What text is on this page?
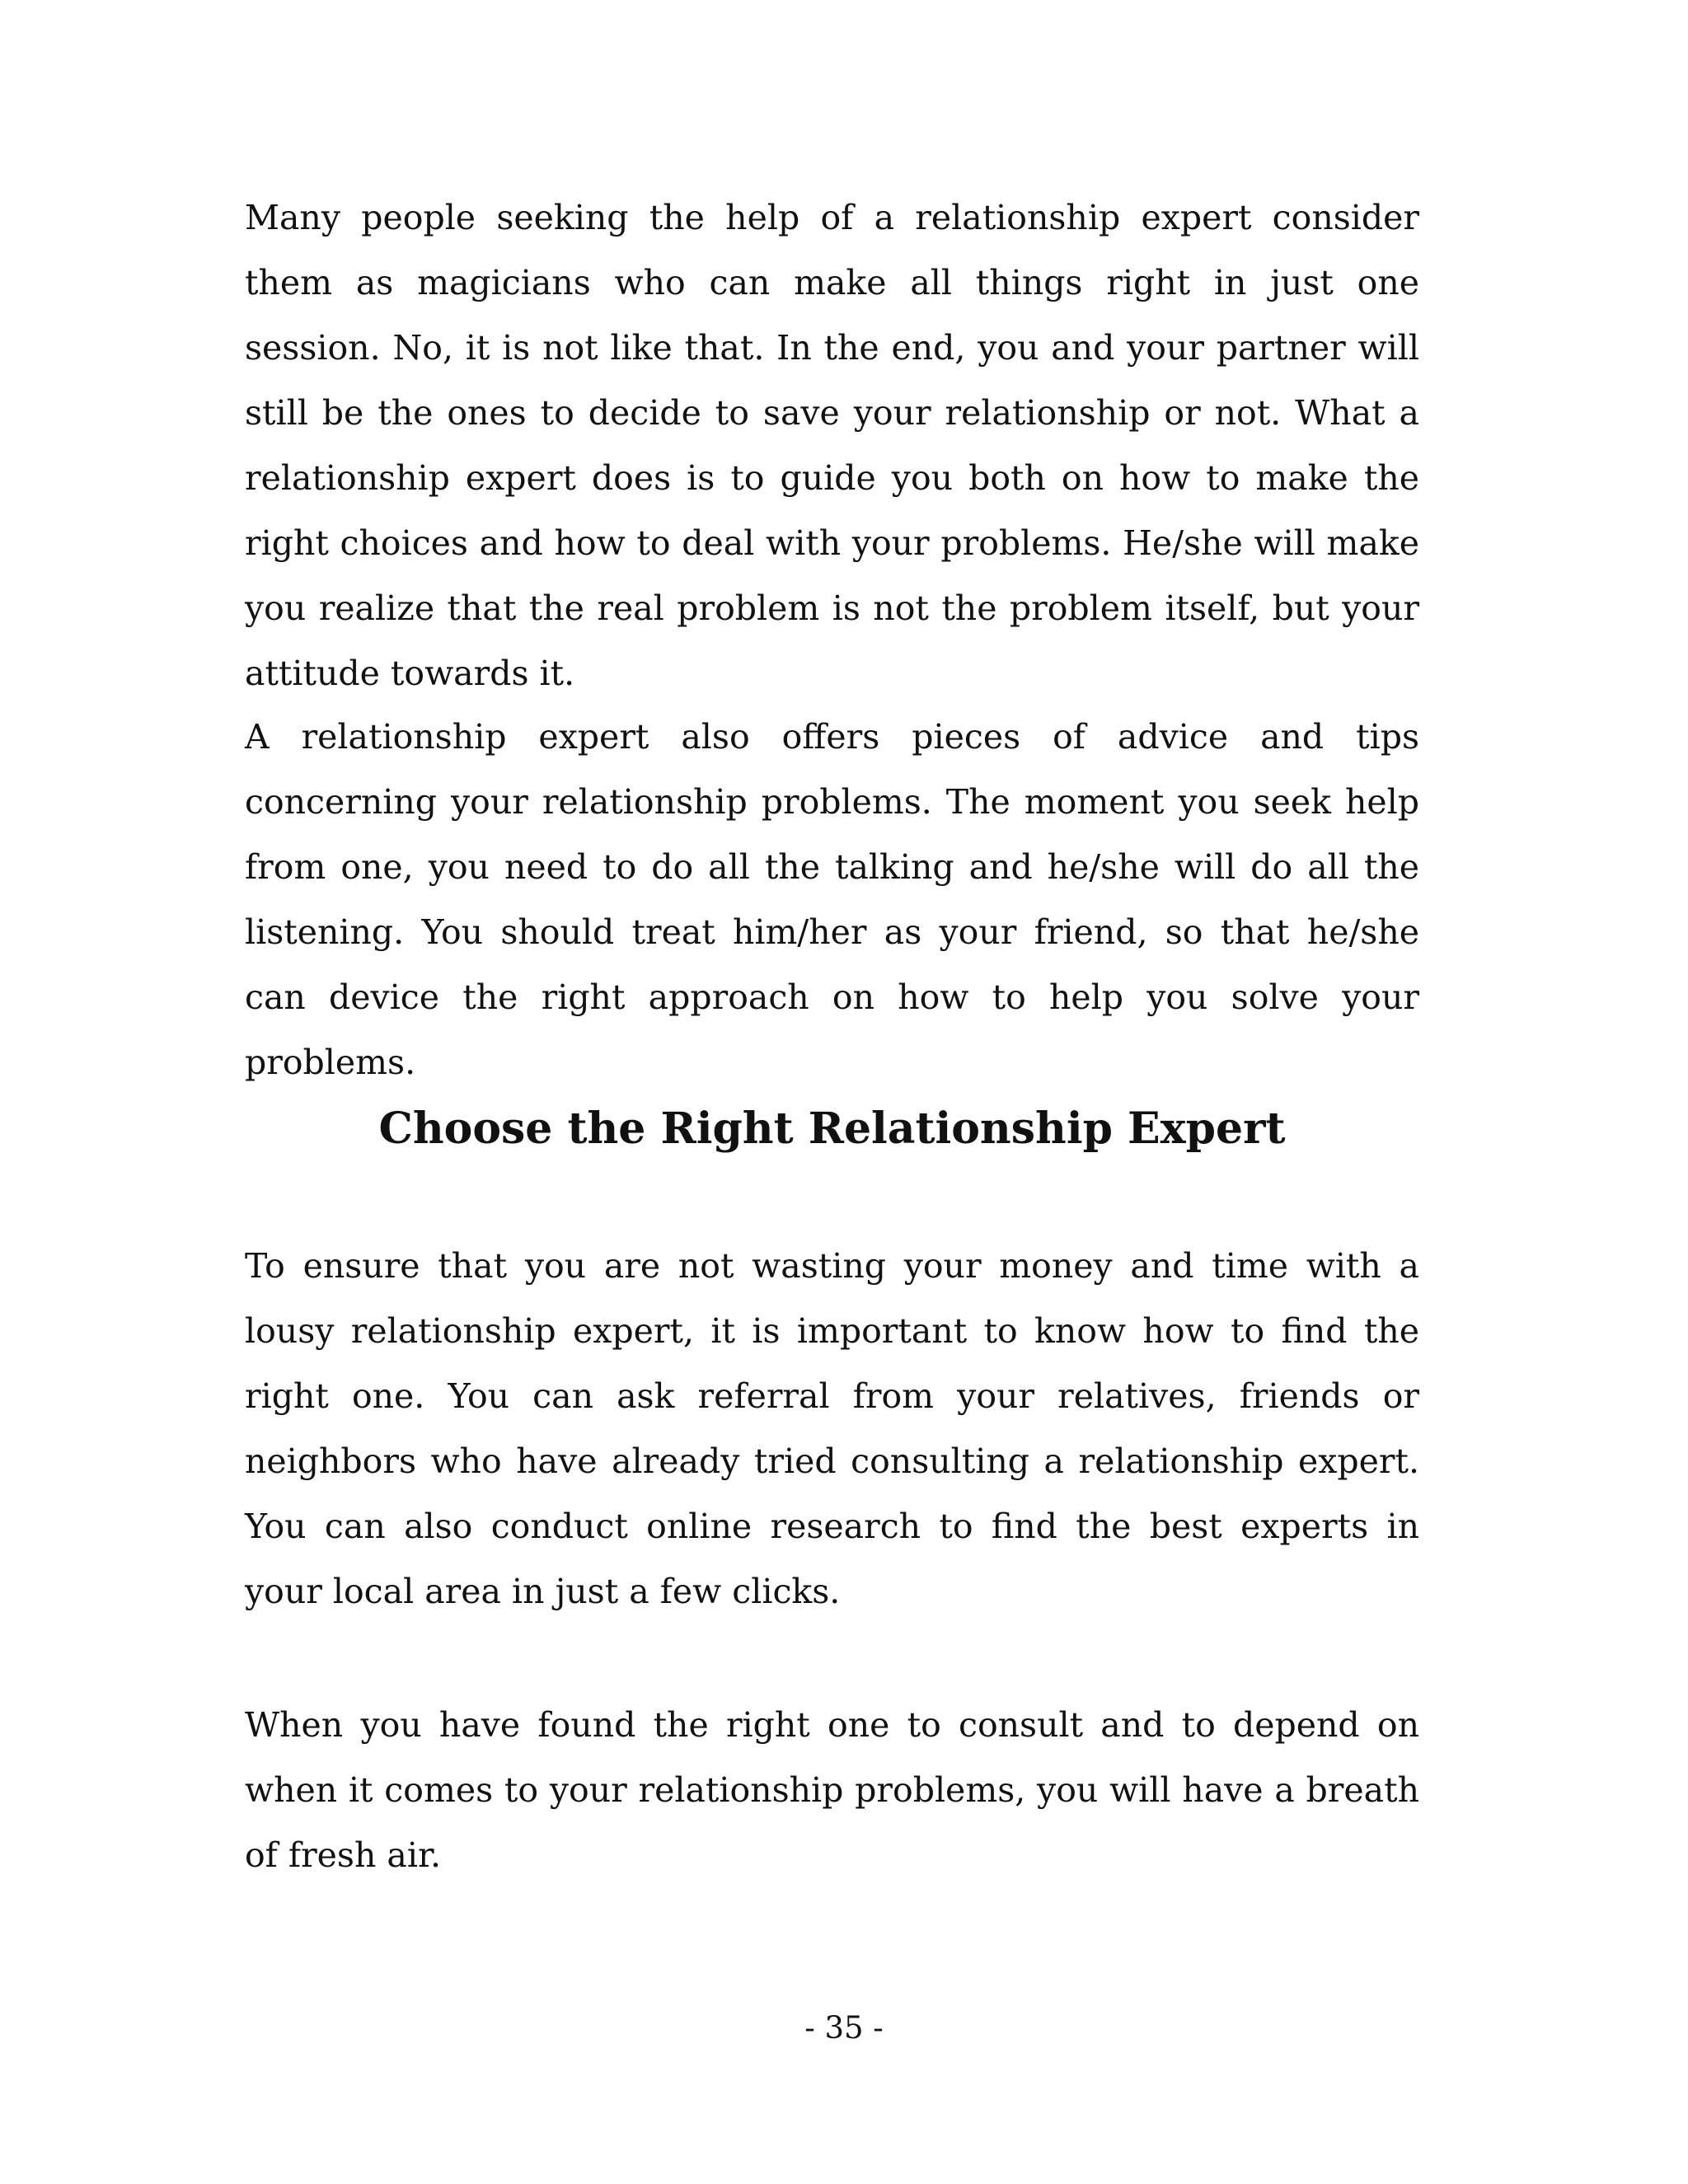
Many people seeking the help of a relationship expert consider them as magicians who can make all things right in just one session. No, it is not like that. In the end, you and your partner will still be the ones to decide to save your relationship or not. What a relationship expert does is to guide you both on how to make the right choices and how to deal with your problems. He/she will make you realize that the real problem is not the problem itself, but your attitude towards it.

A relationship expert also offers pieces of advice and tips concerning your relationship problems. The moment you seek help from one, you need to do all the talking and he/she will do all the listening. You should treat him/her as your friend, so that he/she can device the right approach on how to help you solve your problems.

Choose the Right Relationship Expert

To ensure that you are not wasting your money and time with a lousy relationship expert, it is important to know how to find the right one. You can ask referral from your relatives, friends or neighbors who have already tried consulting a relationship expert. You can also conduct online research to find the best experts in your local area in just a few clicks.

When you have found the right one to consult and to depend on when it comes to your relationship problems, you will have a breath of fresh air.

- 35 -
